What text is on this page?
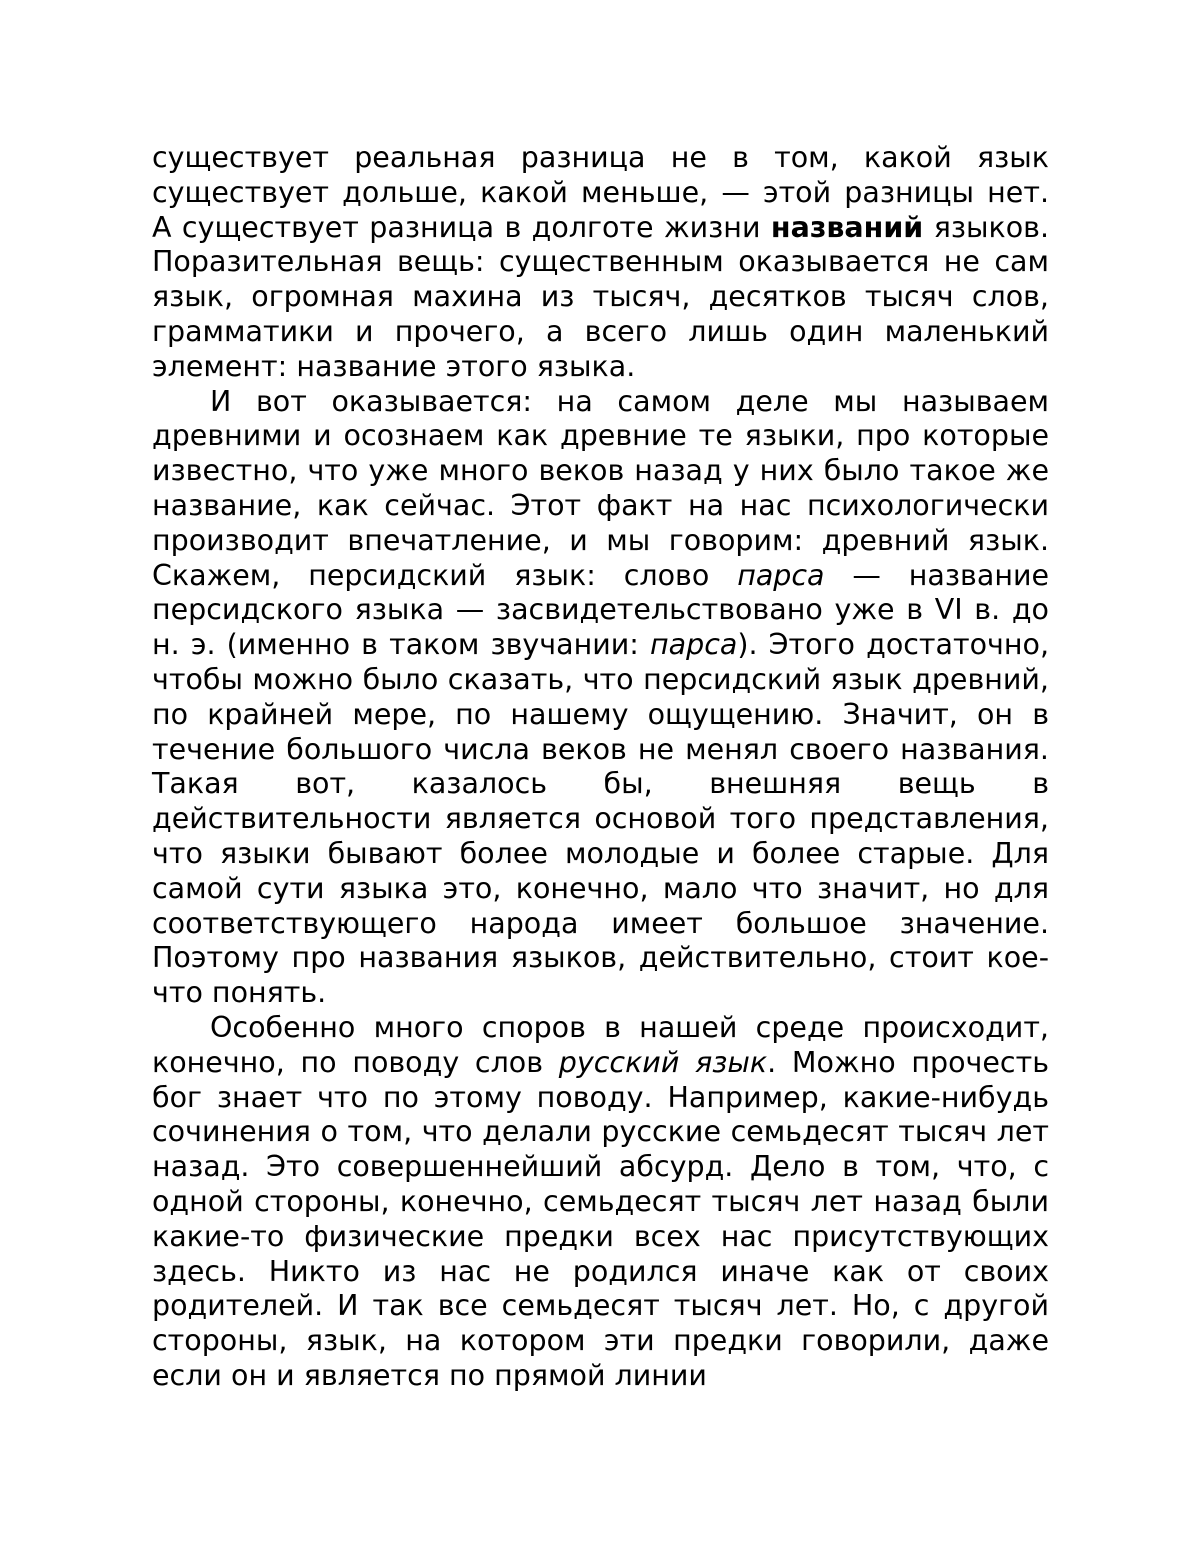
существует реальная разница не в том, какой язык существует дольше, какой меньше, — этой разницы нет. А существует разница в долготе жизни названий языков. Поразительная вещь: существенным оказывается не сам язык, огромная махина из тысяч, десятков тысяч слов, грамматики и прочего, а всего лишь один маленький элемент: название этого языка.

И вот оказывается: на самом деле мы называем древними и осознаем как древние те языки, про которые известно, что уже много веков назад у них было такое же название, как сейчас. Этот факт на нас психологически производит впечатление, и мы говорим: древний язык. Скажем, персидский язык: слово парса — название персидского языка — засвидетельствовано уже в VI в. до н. э. (именно в таком звучании: парса). Этого достаточно, чтобы можно было сказать, что персидский язык древний, по крайней мере, по нашему ощущению. Значит, он в течение большого числа веков не менял своего названия. Такая вот, казалось бы, внешняя вещь в действительности является основой того представления, что языки бывают более молодые и более старые. Для самой сути языка это, конечно, мало что значит, но для соответствующего народа имеет большое значение. Поэтому про названия языков, действительно, стоит кое-что понять.

Особенно много споров в нашей среде происходит, конечно, по поводу слов русский язык. Можно прочесть бог знает что по этому поводу. Например, какие-нибудь сочинения о том, что делали русские семьдесят тысяч лет назад. Это совершеннейший абсурд. Дело в том, что, с одной стороны, конечно, семьдесят тысяч лет назад были какие-то физические предки всех нас присутствующих здесь. Никто из нас не родился иначе как от своих родителей. И так все семьдесят тысяч лет. Но, с другой стороны, язык, на котором эти предки говорили, даже если он и является по прямой линии
